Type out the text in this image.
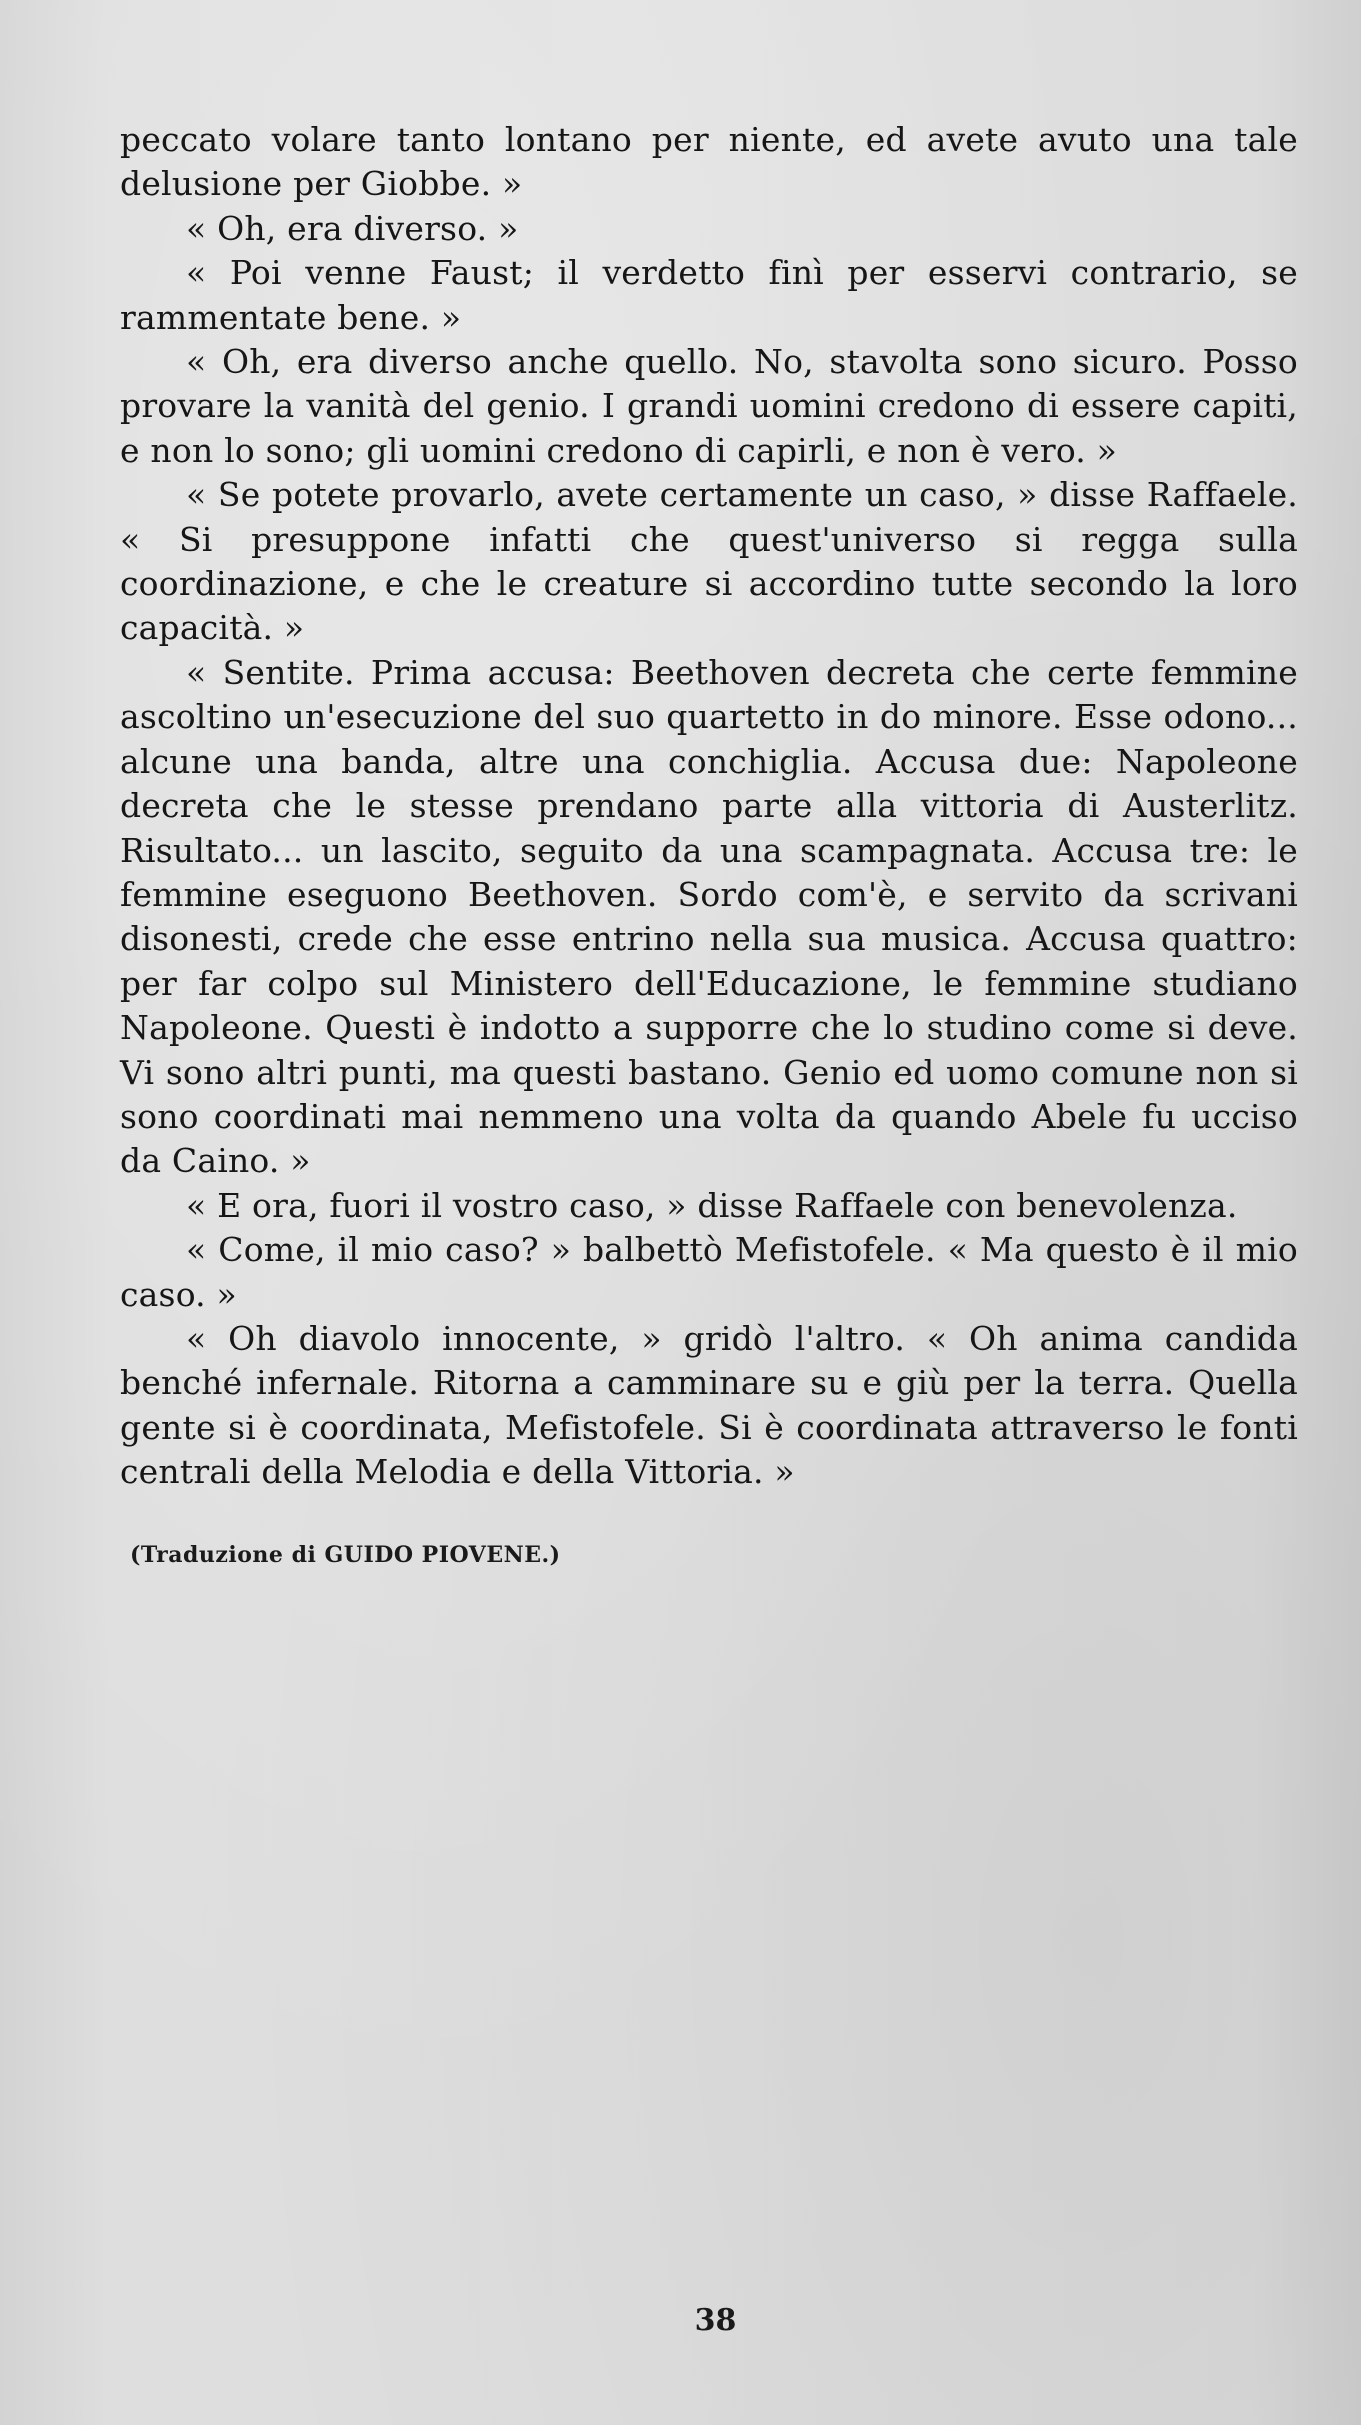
peccato volare tanto lontano per niente, ed avete avuto una tale delusione per Giobbe. »

« Oh, era diverso. »

« Poi venne Faust; il verdetto finì per esservi contrario, se rammentate bene. »

« Oh, era diverso anche quello. No, stavolta sono sicuro. Posso provare la vanità del genio. I grandi uomini credono di essere capiti, e non lo sono; gli uomini credono di capirli, e non è vero. »

« Se potete provarlo, avete certamente un caso, » disse Raffaele. « Si presuppone infatti che quest'universo si regga sulla coordinazione, e che le creature si accordino tutte secondo la loro capacità. »

« Sentite. Prima accusa: Beethoven decreta che certe femmine ascoltino un'esecuzione del suo quartetto in do minore. Esse odono... alcune una banda, altre una conchiglia. Accusa due: Napoleone decreta che le stesse prendano parte alla vittoria di Austerlitz. Risultato... un lascito, seguito da una scampagnata. Accusa tre: le femmine eseguono Beethoven. Sordo com'è, e servito da scrivani disonesti, crede che esse entrino nella sua musica. Accusa quattro: per far colpo sul Ministero dell'Educazione, le femmine studiano Napoleone. Questi è indotto a supporre che lo studino come si deve. Vi sono altri punti, ma questi bastano. Genio ed uomo comune non si sono coordinati mai nemmeno una volta da quando Abele fu ucciso da Caino. »

« E ora, fuori il vostro caso, » disse Raffaele con benevolenza.

« Come, il mio caso? » balbettò Mefistofele. « Ma questo è il mio caso. »

« Oh diavolo innocente, » gridò l'altro. « Oh anima candida benché infernale. Ritorna a camminare su e giù per la terra. Quella gente si è coordinata, Mefistofele. Si è coordinata attraverso le fonti centrali della Melodia e della Vittoria. »

(Traduzione di GUIDO PIOVENE.)
38
